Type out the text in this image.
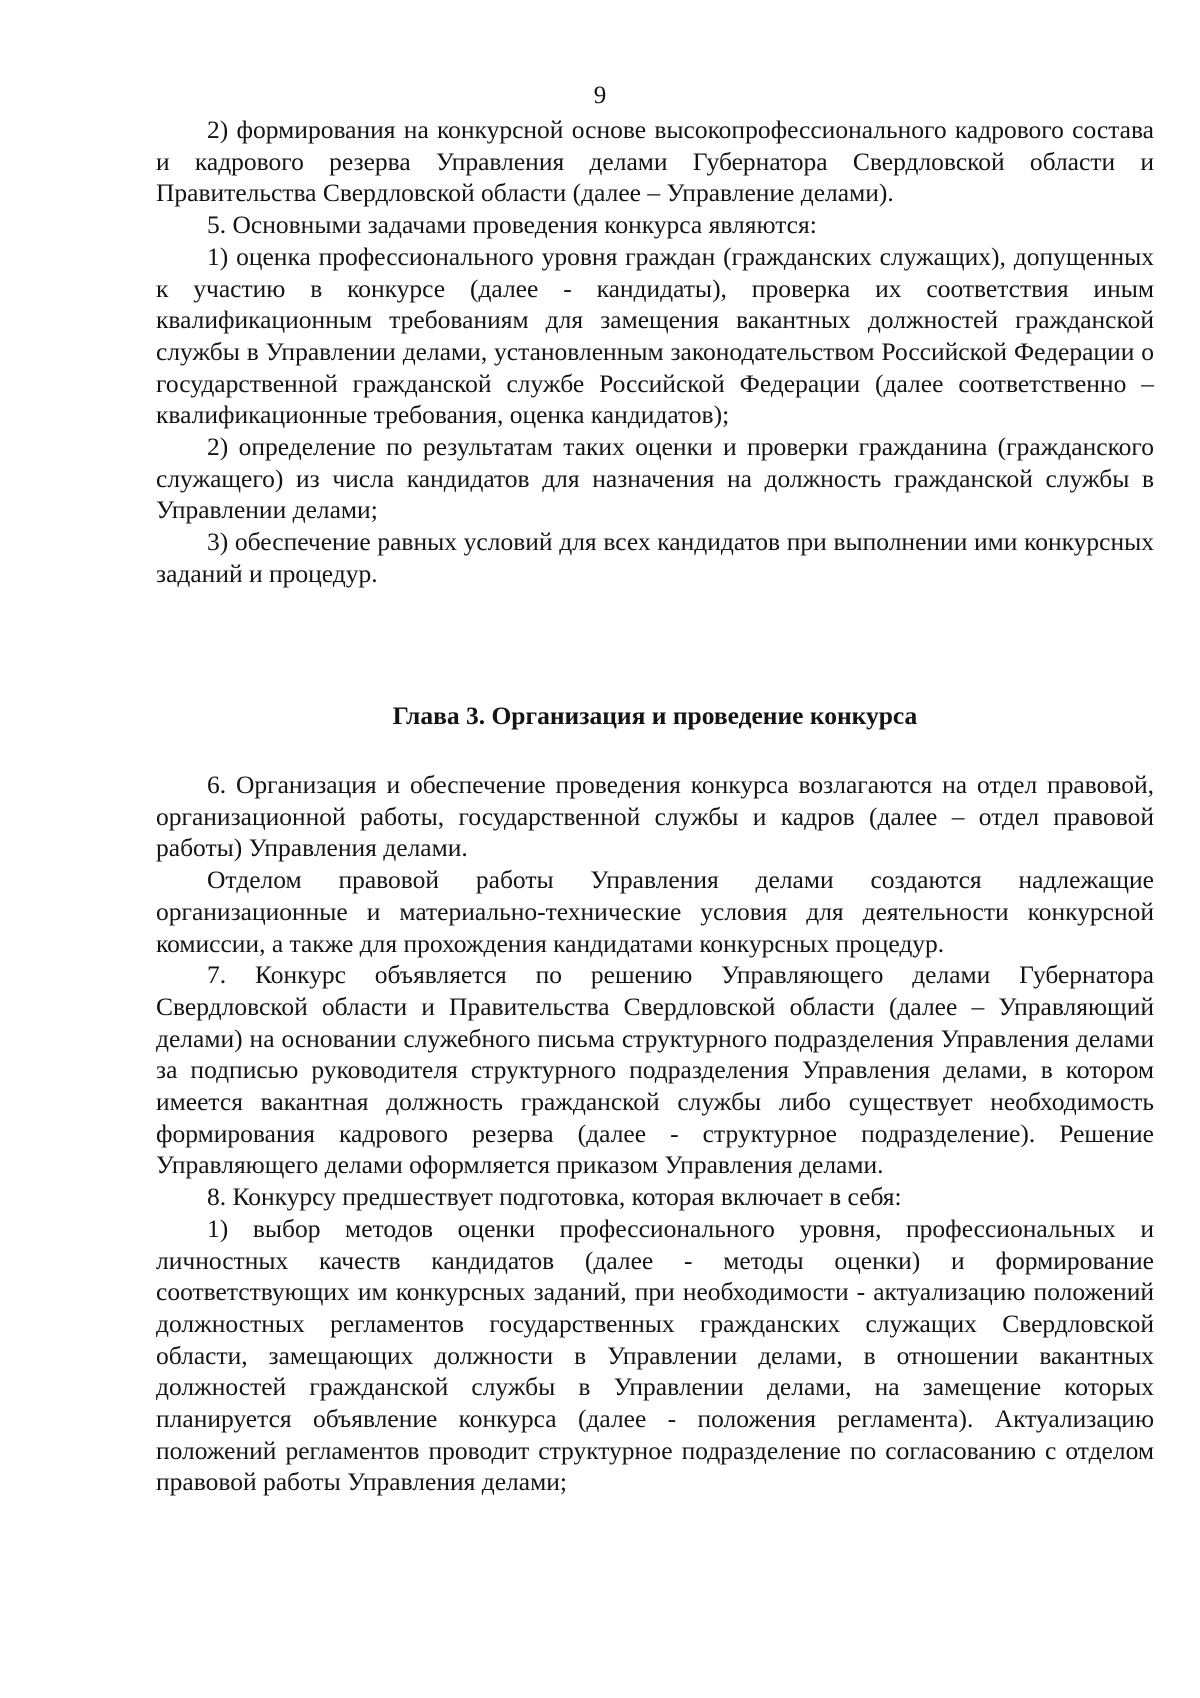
9

2) формирования на конкурсной основе высокопрофессионального кадрового состава и кадрового резерва Управления делами Губернатора Свердловской области и Правительства Свердловской области (далее – Управление делами).

5. Основными задачами проведения конкурса являются:

1) оценка профессионального уровня граждан (гражданских служащих), допущенных к участию в конкурсе (далее - кандидаты), проверка их соответствия иным квалификационным требованиям для замещения вакантных должностей гражданской службы в Управлении делами, установленным законодательством Российской Федерации о государственной гражданской службе Российской Федерации (далее соответственно – квалификационные требования, оценка кандидатов);

2) определение по результатам таких оценки и проверки гражданина (гражданского служащего) из числа кандидатов для назначения на должность гражданской службы в Управлении делами;

3) обеспечение равных условий для всех кандидатов при выполнении ими конкурсных заданий и процедур.

Глава 3. Организация и проведение конкурса

6. Организация и обеспечение проведения конкурса возлагаются на отдел правовой, организационной работы, государственной службы и кадров (далее – отдел правовой работы) Управления делами.

Отделом правовой работы Управления делами создаются надлежащие организационные и материально-технические условия для деятельности конкурсной комиссии, а также для прохождения кандидатами конкурсных процедур.

7. Конкурс объявляется по решению Управляющего делами Губернатора Свердловской области и Правительства Свердловской области (далее – Управляющий делами) на основании служебного письма структурного подразделения Управления делами за подписью руководителя структурного подразделения Управления делами, в котором имеется вакантная должность гражданской службы либо существует необходимость формирования кадрового резерва (далее - структурное подразделение). Решение Управляющего делами оформляется приказом Управления делами.

8. Конкурсу предшествует подготовка, которая включает в себя:

1) выбор методов оценки профессионального уровня, профессиональных и личностных качеств кандидатов (далее - методы оценки) и формирование соответствующих им конкурсных заданий, при необходимости - актуализацию положений должностных регламентов государственных гражданских служащих Свердловской области, замещающих должности в Управлении делами, в отношении вакантных должностей гражданской службы в Управлении делами, на замещение которых планируется объявление конкурса (далее - положения регламента). Актуализацию положений регламентов проводит структурное подразделение по согласованию с отделом правовой работы Управления делами;
